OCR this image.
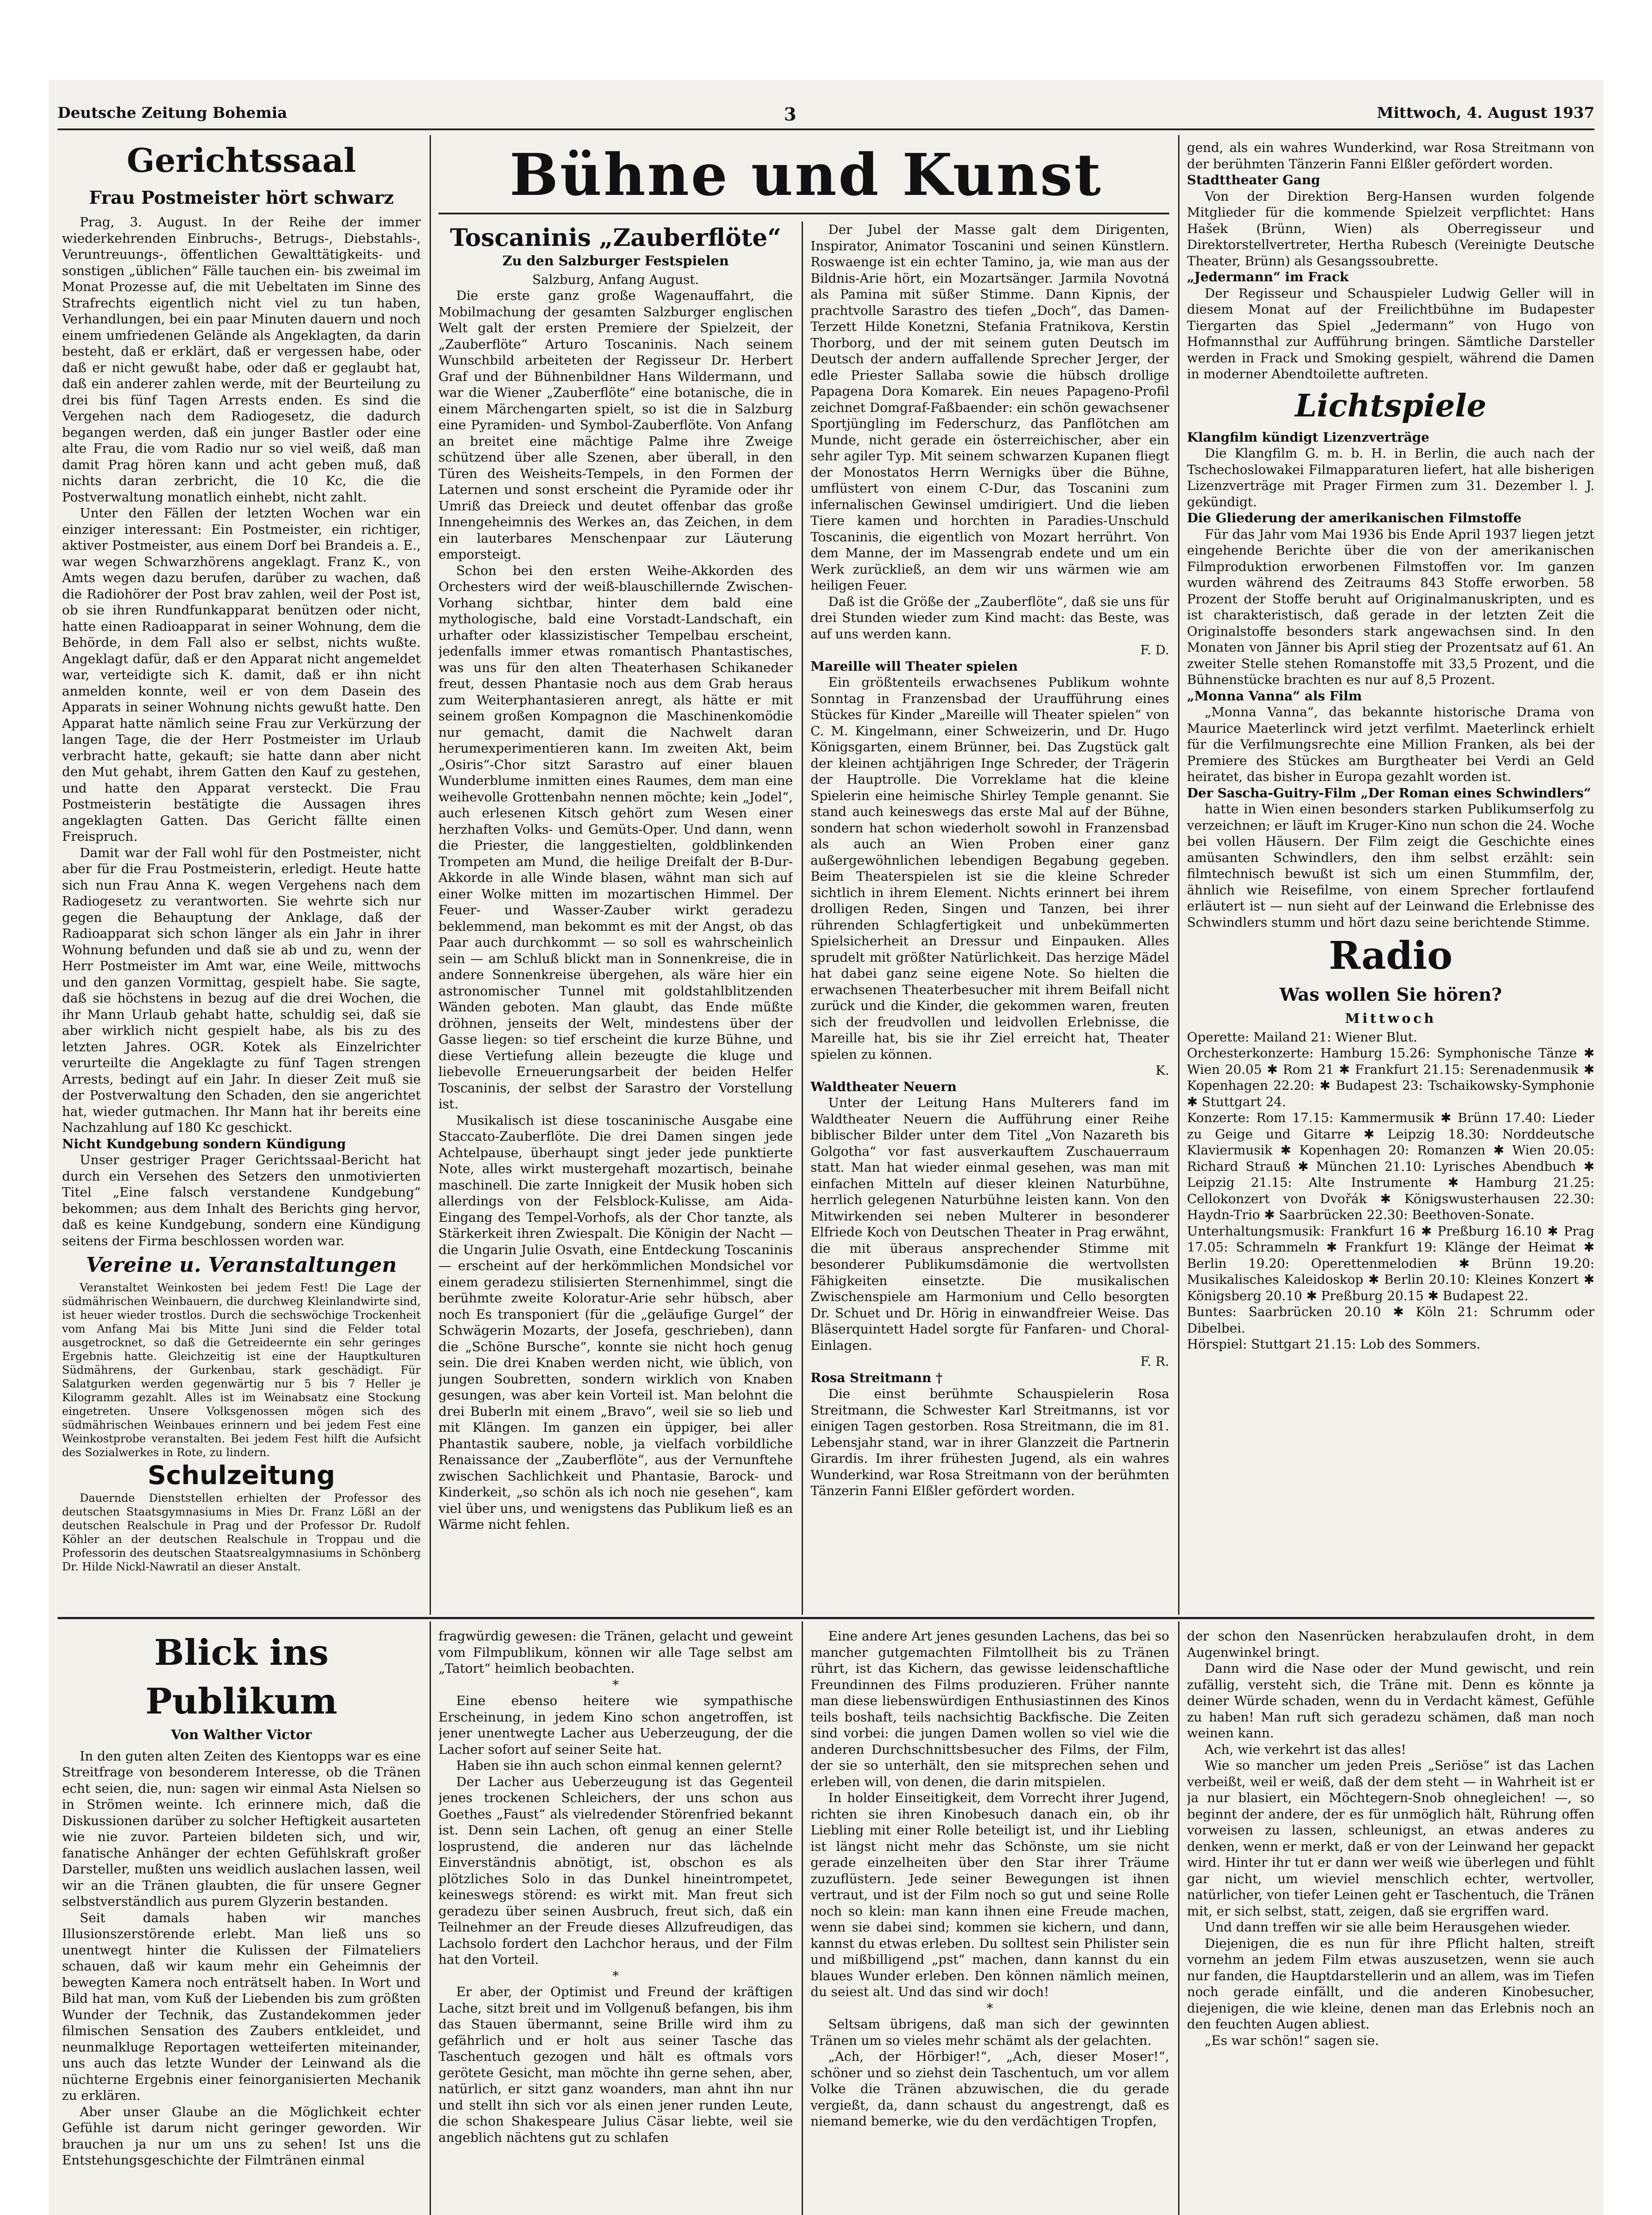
Deutsche Zeitung Bohemia	3	Mittwoch, 4. August 1937
Bühne und Kunst
Gerichtssaal
Frau Postmeister hört schwarz

Prag, 3. August. In der Reihe der immer wiederkehrenden Einbruchs-, Betrugs-, Diebstahls-, Veruntreuungs-, öffentlichen Gewalttätigkeits- und sonstigen „üblichen“ Fälle tauchen ein- bis zweimal im Monat Prozesse auf, die mit Uebeltaten im Sinne des Strafrechts eigentlich nicht viel zu tun haben, Verhandlungen, bei ein paar Minuten dauern und noch einem umfriedenen Gelände als Angeklagten, da darin besteht, daß er erklärt, daß er vergessen habe, oder daß er nicht gewußt habe, oder daß er geglaubt hat, daß ein anderer zahlen werde, mit der Beurteilung zu drei bis fünf Tagen Arrests enden. Es sind die Vergehen nach dem Radiogesetz, die dadurch begangen werden, daß ein junger Bastler oder eine alte Frau, die vom Radio nur so viel weiß, daß man damit Prag hören kann und acht geben muß, daß nichts daran zerbricht, die 10 Kc, die die Postverwaltung monatlich einhebt, nicht zahlt.

Unter den Fällen der letzten Wochen war ein einziger interessant: Ein Postmeister, ein richtiger, aktiver Postmeister, aus einem Dorf bei Brandeis a. E., war wegen Schwarzhörens angeklagt. Franz K., von Amts wegen dazu berufen, darüber zu wachen, daß die Radiohörer der Post brav zahlen, weil der Post ist, ob sie ihren Rundfunkapparat benützen oder nicht, hatte einen Radioapparat in seiner Wohnung, dem die Behörde, in dem Fall also er selbst, nichts wußte. Angeklagt dafür, daß er den Apparat nicht angemeldet war, verteidigte sich K. damit, daß er ihn nicht anmelden konnte, weil er von dem Dasein des Apparats in seiner Wohnung nichts gewußt hatte. Den Apparat hatte nämlich seine Frau zur Verkürzung der langen Tage, die der Herr Postmeister im Urlaub verbracht hatte, gekauft; sie hatte dann aber nicht den Mut gehabt, ihrem Gatten den Kauf zu gestehen, und hatte den Apparat versteckt. Die Frau Postmeisterin bestätigte die Aussagen ihres angeklagten Gatten. Das Gericht fällte einen Freispruch.

Damit war der Fall wohl für den Postmeister, nicht aber für die Frau Postmeisterin, erledigt. Heute hatte sich nun Frau Anna K. wegen Vergehens nach dem Radiogesetz zu verantworten. Sie wehrte sich nur gegen die Behauptung der Anklage, daß der Radioapparat sich schon länger als ein Jahr in ihrer Wohnung befunden und daß sie ab und zu, wenn der Herr Postmeister im Amt war, eine Weile, mittwochs und den ganzen Vormittag, gespielt habe. Sie sagte, daß sie höchstens in bezug auf die drei Wochen, die ihr Mann Urlaub gehabt hatte, schuldig sei, daß sie aber wirklich nicht gespielt habe, als bis zu des letzten Jahres. OGR. Kotek als Einzelrichter verurteilte die Angeklagte zu fünf Tagen strengen Arrests, bedingt auf ein Jahr. In dieser Zeit muß sie der Postverwaltung den Schaden, den sie angerichtet hat, wieder gutmachen. Ihr Mann hat ihr bereits eine Nachzahlung auf 180 Kc geschickt.

Nicht Kundgebung sondern Kündigung

Unser gestriger Prager Gerichtssaal-Bericht hat durch ein Versehen des Setzers den unmotivierten Titel „Eine falsch verstandene Kundgebung“ bekommen; aus dem Inhalt des Berichts ging hervor, daß es keine Kundgebung, sondern eine Kündigung seitens der Firma beschlossen worden war.

Vereine u. Veranstaltungen

Veranstaltet Weinkosten bei jedem Fest! Die Lage der südmährischen Weinbauern, die durchweg Kleinlandwirte sind, ist heuer wieder trostlos. Durch die sechswöchige Trockenheit vom Anfang Mai bis Mitte Juni sind die Felder total ausgetrocknet, so daß die Getreideernte ein sehr geringes Ergebnis hatte. Gleichzeitig ist eine der Hauptkulturen Südmährens, der Gurkenbau, stark geschädigt. Für Salatgurken werden gegenwärtig nur 5 bis 7 Heller je Kilogramm gezahlt. Alles ist im Weinabsatz eine Stockung eingetreten. Unsere Volksgenossen mögen sich des südmährischen Weinbaues erinnern und bei jedem Fest eine Weinkostprobe veranstalten. Bei jedem Fest hilft die Aufsicht des Sozialwerkes in Rote, zu lindern.

Schulzeitung

Dauernde Dienststellen erhielten der Professor des deutschen Staatsgymnasiums in Mies Dr. Franz Lößl an der deutschen Realschule in Prag und der Professor Dr. Rudolf Köhler an der deutschen Realschule in Troppau und die Professorin des deutschen Staatsrealgymnasiums in Schönberg Dr. Hilde Nickl-Nawratil an dieser Anstalt.

Toscaninis „Zauberflöte“
Zu den Salzburger Festspielen

Salzburg, Anfang August.

Die erste ganz große Wagenauffahrt, die Mobilmachung der gesamten Salzburger englischen Welt galt der ersten Premiere der Spielzeit, der „Zauberflöte“ Arturo Toscaninis. Nach seinem Wunschbild arbeiteten der Regisseur Dr. Herbert Graf und der Bühnenbildner Hans Wildermann, und war die Wiener „Zauberflöte“ eine botanische, die in einem Märchengarten spielt, so ist die in Salzburg eine Pyramiden- und Symbol-Zauberflöte. Von Anfang an breitet eine mächtige Palme ihre Zweige schützend über alle Szenen, aber überall, in den Türen des Weisheits-Tempels, in den Formen der Laternen und sonst erscheint die Pyramide oder ihr Umriß das Dreieck und deutet offenbar das große Innengeheimnis des Werkes an, das Zeichen, in dem ein lauterbares Menschenpaar zur Läuterung emporsteigt.

Schon bei den ersten Weihe-Akkorden des Orchesters wird der weiß-blauschillernde Zwischen-Vorhang sichtbar, hinter dem bald eine mythologische, bald eine Vorstadt-Landschaft, ein urhafter oder klassizistischer Tempelbau erscheint, jedenfalls immer etwas romantisch Phantastisches, was uns für den alten Theaterhasen Schikaneder freut, dessen Phantasie noch aus dem Grab heraus zum Weiterphantasieren anregt, als hätte er mit seinem großen Kompagnon die Maschinenkomödie nur gemacht, damit die Nachwelt daran herumexperimentieren kann. Im zweiten Akt, beim „Osiris“-Chor sitzt Sarastro auf einer blauen Wunderblume inmitten eines Raumes, dem man eine weihevolle Grottenbahn nennen möchte; kein „Jodel“, auch erlesenen Kitsch gehört zum Wesen einer herzhaften Volks- und Gemüts-Oper. Und dann, wenn die Priester, die langgestielten, goldblinkenden Trompeten am Mund, die heilige Dreifalt der B-Dur-Akkorde in alle Winde blasen, wähnt man sich auf einer Wolke mitten im mozartischen Himmel. Der Feuer- und Wasser-Zauber wirkt geradezu beklemmend, man bekommt es mit der Angst, ob das Paar auch durchkommt — so soll es wahrscheinlich sein — am Schluß blickt man in Sonnenkreise, die in andere Sonnenkreise übergehen, als wäre hier ein astronomischer Tunnel mit goldstahlblitzenden Wänden geboten. Man glaubt, das Ende müßte dröhnen, jenseits der Welt, mindestens über der Gasse liegen: so tief erscheint die kurze Bühne, und diese Vertiefung allein bezeugte die kluge und liebevolle Erneuerungsarbeit der beiden Helfer Toscaninis, der selbst der Sarastro der Vorstellung ist.

Musikalisch ist diese toscaninische Ausgabe eine Staccato-Zauberflöte. Die drei Damen singen jede Achtelpause, überhaupt singt jeder jede punktierte Note, alles wirkt mustergehaft mozartisch, beinahe maschinell. Die zarte Innigkeit der Musik hoben sich allerdings von der Felsblock-Kulisse, am Aida-Eingang des Tempel-Vorhofs, als der Chor tanzte, als Stärkerkeit ihren Zwiespalt. Die Königin der Nacht — die Ungarin Julie Osvath, eine Entdeckung Toscaninis — erscheint auf der herkömmlichen Mondsichel vor einem geradezu stilisierten Sternenhimmel, singt die berühmte zweite Koloratur-Arie sehr hübsch, aber noch Es transponiert (für die „geläufige Gurgel“ der Schwägerin Mozarts, der Josefa, geschrieben), dann die „Schöne Bursche“, konnte sie nicht hoch genug sein. Die drei Knaben werden nicht, wie üblich, von jungen Soubretten, sondern wirklich von Knaben gesungen, was aber kein Vorteil ist. Man belohnt die drei Buberln mit einem „Bravo“, weil sie so lieb und mit Klängen. Im ganzen ein üppiger, bei aller Phantastik saubere, noble, ja vielfach vorbildliche Renaissance der „Zauberflöte“, aus der Vernunftehe zwischen Sachlichkeit und Phantasie, Barock- und Kinderkeit, „so schön als ich noch nie gesehen“, kam viel über uns, und wenigstens das Publikum ließ es an Wärme nicht fehlen.

Der Jubel der Masse galt dem Dirigenten, Inspirator, Animator Toscanini und seinen Künstlern. Roswaenge ist ein echter Tamino, ja, wie man aus der Bildnis-Arie hört, ein Mozartsänger. Jarmila Novotná als Pamina mit süßer Stimme. Dann Kipnis, der prachtvolle Sarastro des tiefen „Doch“, das Damen-Terzett Hilde Konetzni, Stefania Fratnikova, Kerstin Thorborg, und der mit seinem guten Deutsch im Deutsch der andern auffallende Sprecher Jerger, der edle Priester Sallaba sowie die hübsch drollige Papagena Dora Komarek. Ein neues Papageno-Profil zeichnet Domgraf-Faßbaender: ein schön gewachsener Sportjüngling im Federschurz, das Panflötchen am Munde, nicht gerade ein österreichischer, aber ein sehr agiler Typ. Mit seinem schwarzen Kupanen fliegt der Monostatos Herrn Wernigks über die Bühne, umflüstert von einem C-Dur, das Toscanini zum infernalischen Gewinsel umdirigiert. Und die lieben Tiere kamen und horchten in Paradies-Unschuld Toscaninis, die eigentlich von Mozart herrührt. Von dem Manne, der im Massengrab endete und um ein Werk zurückließ, an dem wir uns wärmen wie am heiligen Feuer.

Daß ist die Größe der „Zauberflöte“, daß sie uns für drei Stunden wieder zum Kind macht: das Beste, was auf uns werden kann.

F. D.

Mareille will Theater spielen

Ein größtenteils erwachsenes Publikum wohnte Sonntag in Franzensbad der Uraufführung eines Stückes für Kinder „Mareille will Theater spielen“ von C. M. Kingelmann, einer Schweizerin, und Dr. Hugo Königsgarten, einem Brünner, bei. Das Zugstück galt der kleinen achtjährigen Inge Schreder, der Trägerin der Hauptrolle. Die Vorreklame hat die kleine Spielerin eine heimische Shirley Temple genannt. Sie stand auch keineswegs das erste Mal auf der Bühne, sondern hat schon wiederholt sowohl in Franzensbad als auch an Wien Proben einer ganz außergewöhnlichen lebendigen Begabung gegeben. Beim Theaterspielen ist sie die kleine Schreder sichtlich in ihrem Element. Nichts erinnert bei ihrem drolligen Reden, Singen und Tanzen, bei ihrer rührenden Schlagfertigkeit und unbekümmerten Spielsicherheit an Dressur und Einpauken. Alles sprudelt mit größter Natürlichkeit. Das herzige Mädel hat dabei ganz seine eigene Note. So hielten die erwachsenen Theaterbesucher mit ihrem Beifall nicht zurück und die Kinder, die gekommen waren, freuten sich der freudvollen und leidvollen Erlebnisse, die Mareille hat, bis sie ihr Ziel erreicht hat, Theater spielen zu können.

K.

Waldtheater Neuern

Unter der Leitung Hans Multerers fand im Waldtheater Neuern die Aufführung einer Reihe biblischer Bilder unter dem Titel „Von Nazareth bis Golgotha“ vor fast ausverkauftem Zuschauerraum statt. Man hat wieder einmal gesehen, was man mit einfachen Mitteln auf dieser kleinen Naturbühne, herrlich gelegenen Naturbühne leisten kann. Von den Mitwirkenden sei neben Multerer in besonderer Elfriede Koch von Deutschen Theater in Prag erwähnt, die mit überaus ansprechender Stimme mit besonderer Publikumsdämonie die wertvollsten Fähigkeiten einsetzte. Die musikalischen Zwischenspiele am Harmonium und Cello besorgten Dr. Schuet und Dr. Hörig in einwandfreier Weise. Das Bläserquintett Hadel sorgte für Fanfaren- und Choral-Einlagen.

F. R.

Rosa Streitmann †

Die einst berühmte Schauspielerin Rosa Streitmann, die Schwester Karl Streitmanns, ist vor einigen Tagen gestorben. Rosa Streitmann, die im 81. Lebensjahr stand, war in ihrer Glanzzeit die Partnerin Girardis. Im ihrer frühesten Jugend, als ein wahres Wunderkind, war Rosa Streitmann von der berühmten Tänzerin Fanni Elßler gefördert worden.

gend, als ein wahres Wunderkind, war Rosa Streitmann von der berühmten Tänzerin Fanni Elßler gefördert worden.

Stadttheater Gang

Von der Direktion Berg-Hansen wurden folgende Mitglieder für die kommende Spielzeit verpflichtet: Hans Hašek (Brünn, Wien) als Oberregisseur und Direktorstellvertreter, Hertha Rubesch (Vereinigte Deutsche Theater, Brünn) als Gesangssoubrette.

„Jedermann“ im Frack

Der Regisseur und Schauspieler Ludwig Geller will in diesem Monat auf der Freilichtbühne im Budapester Tiergarten das Spiel „Jedermann“ von Hugo von Hofmannsthal zur Aufführung bringen. Sämtliche Darsteller werden in Frack und Smoking gespielt, während die Damen in moderner Abendtoilette auftreten.

Lichtspiele

Klangfilm kündigt Lizenzverträge

Die Klangfilm G. m. b. H. in Berlin, die auch nach der Tschechoslowakei Filmapparaturen liefert, hat alle bisherigen Lizenzverträge mit Prager Firmen zum 31. Dezember l. J. gekündigt.

Die Gliederung der amerikanischen Filmstoffe

Für das Jahr vom Mai 1936 bis Ende April 1937 liegen jetzt eingehende Berichte über die von der amerikanischen Filmproduktion erworbenen Filmstoffen vor. Im ganzen wurden während des Zeitraums 843 Stoffe erworben. 58 Prozent der Stoffe beruht auf Originalmanuskripten, und es ist charakteristisch, daß gerade in der letzten Zeit die Originalstoffe besonders stark angewachsen sind. In den Monaten von Jänner bis April stieg der Prozentsatz auf 61. An zweiter Stelle stehen Romanstoffe mit 33,5 Prozent, und die Bühnenstücke brachten es nur auf 8,5 Prozent.

„Monna Vanna“ als Film

„Monna Vanna“, das bekannte historische Drama von Maurice Maeterlinck wird jetzt verfilmt. Maeterlinck erhielt für die Verfilmungsrechte eine Million Franken, als bei der Premiere des Stückes am Burgtheater bei Verdi an Geld heiratet, das bisher in Europa gezahlt worden ist.

Der Sascha-Guitry-Film „Der Roman eines Schwindlers“

hatte in Wien einen besonders starken Publikumserfolg zu verzeichnen; er läuft im Kruger-Kino nun schon die 24. Woche bei vollen Häusern. Der Film zeigt die Geschichte eines amüsanten Schwindlers, den ihm selbst erzählt: sein filmtechnisch bewußt ist sich um einen Stummfilm, der, ähnlich wie Reisefilme, von einem Sprecher fortlaufend erläutert ist — nun sieht auf der Leinwand die Erlebnisse des Schwindlers stumm und hört dazu seine berichtende Stimme.

Radio
Was wollen Sie hören?
Mittwoch

Operette: Mailand 21: Wiener Blut.

Orchesterkonzerte: Hamburg 15.26: Symphonische Tänze ✱ Wien 20.05 ✱ Rom 21 ✱ Frankfurt 21.15: Serenadenmusik ✱ Kopenhagen 22.20: ✱ Budapest 23: Tschaikowsky-Symphonie ✱ Stuttgart 24.

Konzerte: Rom 17.15: Kammermusik ✱ Brünn 17.40: Lieder zu Geige und Gitarre ✱ Leipzig 18.30: Norddeutsche Klaviermusik ✱ Kopenhagen 20: Romanzen ✱ Wien 20.05: Richard Strauß ✱ München 21.10: Lyrisches Abendbuch ✱ Leipzig 21.15: Alte Instrumente ✱ Hamburg 21.25: Cellokonzert von Dvořák ✱ Königswusterhausen 22.30: Haydn-Trio ✱ Saarbrücken 22.30: Beethoven-Sonate.

Unterhaltungsmusik: Frankfurt 16 ✱ Preßburg 16.10 ✱ Prag 17.05: Schrammeln ✱ Frankfurt 19: Klänge der Heimat ✱ Berlin 19.20: Operettenmelodien ✱ Brünn 19.20: Musikalisches Kaleidoskop ✱ Berlin 20.10: Kleines Konzert ✱ Königsberg 20.10 ✱ Preßburg 20.15 ✱ Budapest 22.

Buntes: Saarbrücken 20.10 ✱ Köln 21: Schrumm oder Dibelbei.

Hörspiel: Stuttgart 21.15: Lob des Sommers.

Blick ins Publikum
Von Walther Victor

In den guten alten Zeiten des Kientopps war es eine Streitfrage von besonderem Interesse, ob die Tränen echt seien, die, nun: sagen wir einmal Asta Nielsen so in Strömen weinte. Ich erinnere mich, daß die Diskussionen darüber zu solcher Heftigkeit ausarteten wie nie zuvor. Parteien bildeten sich, und wir, fanatische Anhänger der echten Gefühlskraft großer Darsteller, mußten uns weidlich auslachen lassen, weil wir an die Tränen glaubten, die für unsere Gegner selbstverständlich aus purem Glyzerin bestanden.

Seit damals haben wir manches Illusionszerstörende erlebt. Man ließ uns so unentwegt hinter die Kulissen der Filmateliers schauen, daß wir kaum mehr ein Geheimnis der bewegten Kamera noch enträtselt haben. In Wort und Bild hat man, vom Kuß der Liebenden bis zum größten Wunder der Technik, das Zustandekommen jeder filmischen Sensation des Zaubers entkleidet, und neunmalkluge Reportagen wetteiferten miteinander, uns auch das letzte Wunder der Leinwand als die nüchterne Ergebnis einer feinorganisierten Mechanik zu erklären.

Aber unser Glaube an die Möglichkeit echter Gefühle ist darum nicht geringer geworden. Wir brauchen ja nur um uns zu sehen! Ist uns die Entstehungsgeschichte der Filmtränen einmal

fragwürdig gewesen: die Tränen, gelacht und geweint vom Filmpublikum, können wir alle Tage selbst am „Tatort“ heimlich beobachten.

*

Eine ebenso heitere wie sympathische Erscheinung, in jedem Kino schon angetroffen, ist jener unentwegte Lacher aus Ueberzeugung, der die Lacher sofort auf seiner Seite hat.

Haben sie ihn auch schon einmal kennen gelernt?

Der Lacher aus Ueberzeugung ist das Gegenteil jenes trockenen Schleichers, der uns schon aus Goethes „Faust“ als vielredender Störenfried bekannt ist. Denn sein Lachen, oft genug an einer Stelle losprustend, die anderen nur das lächelnde Einverständnis abnötigt, ist, obschon es als plötzliches Solo in das Dunkel hineintrompetet, keineswegs störend: es wirkt mit. Man freut sich geradezu über seinen Ausbruch, freut sich, daß ein Teilnehmer an der Freude dieses Allzufreudigen, das Lachsolo fordert den Lachchor heraus, und der Film hat den Vorteil.

*

Er aber, der Optimist und Freund der kräftigen Lache, sitzt breit und im Vollgenuß befangen, bis ihm das Stauen übermannt, seine Brille wird ihm zu gefährlich und er holt aus seiner Tasche das Taschentuch gezogen und hält es oftmals vors gerötete Gesicht, man möchte ihn gerne sehen, aber, natürlich, er sitzt ganz woanders, man ahnt ihn nur und stellt ihn sich vor als einen jener runden Leute, die schon Shakespeare Julius Cäsar liebte, weil sie angeblich nächtens gut zu schlafen

Eine andere Art jenes gesunden Lachens, das bei so mancher gutgemachten Filmtollheit bis zu Tränen rührt, ist das Kichern, das gewisse leidenschaftliche Freundinnen des Films produzieren. Früher nannte man diese liebenswürdigen Enthusiastinnen des Kinos teils boshaft, teils nachsichtig Backfische. Die Zeiten sind vorbei: die jungen Damen wollen so viel wie die anderen Durchschnittsbesucher des Films, der Film, der sie so unterhält, den sie mitsprechen sehen und erleben will, von denen, die darin mitspielen.

In holder Einseitigkeit, dem Vorrecht ihrer Jugend, richten sie ihren Kinobesuch danach ein, ob ihr Liebling mit einer Rolle beteiligt ist, und ihr Liebling ist längst nicht mehr das Schönste, um sie nicht gerade einzelheiten über den Star ihrer Träume zuzuflüstern. Jede seiner Bewegungen ist ihnen vertraut, und ist der Film noch so gut und seine Rolle noch so klein: man kann ihnen eine Freude machen, wenn sie dabei sind; kommen sie kichern, und dann, kannst du etwas erleben. Du solltest sein Philister sein und mißbilligend „pst“ machen, dann kannst du ein blaues Wunder erleben. Den können nämlich meinen, du seiest alt. Und das sind wir doch!

*

Seltsam übrigens, daß man sich der gewinnten Tränen um so vieles mehr schämt als der gelachten.

„Ach, der Hörbiger!“, „Ach, dieser Moser!“, schöner und so ziehst dein Taschentuch, um vor allem Volke die Tränen abzuwischen, die du gerade vergießt, da, dann schaust du angestrengt, daß es niemand bemerke, wie du den verdächtigen Tropfen,

der schon den Nasenrücken herabzulaufen droht, in dem Augenwinkel bringt.

Dann wird die Nase oder der Mund gewischt, und rein zufällig, versteht sich, die Träne mit. Denn es könnte ja deiner Würde schaden, wenn du in Verdacht kämest, Gefühle zu haben! Man ruft sich geradezu schämen, daß man noch weinen kann.

Ach, wie verkehrt ist das alles!

Wie so mancher um jeden Preis „Seriöse“ ist das Lachen verbeißt, weil er weiß, daß der dem steht — in Wahrheit ist er ja nur blasiert, ein Möchtegern-Snob ohnegleichen! —, so beginnt der andere, der es für unmöglich hält, Rührung offen vorweisen zu lassen, schleunigst, an etwas anderes zu denken, wenn er merkt, daß er von der Leinwand her gepackt wird. Hinter ihr tut er dann wer weiß wie überlegen und fühlt gar nicht, um wieviel menschlich echter, wertvoller, natürlicher, von tiefer Leinen geht er Taschentuch, die Tränen mit, er sich selbst, statt, zeigen, daß sie ergriffen ward.

Und dann treffen wir sie alle beim Herausgehen wieder.

Diejenigen, die es nun für ihre Pflicht halten, streift vornehm an jedem Film etwas auszusetzen, wenn sie auch nur fanden, die Hauptdarstellerin und an allem, was im Tiefen noch gerade einfällt, und die anderen Kinobesucher, diejenigen, die wie kleine, denen man das Erlebnis noch an den feuchten Augen abliest.

„Es war schön!“ sagen sie.
